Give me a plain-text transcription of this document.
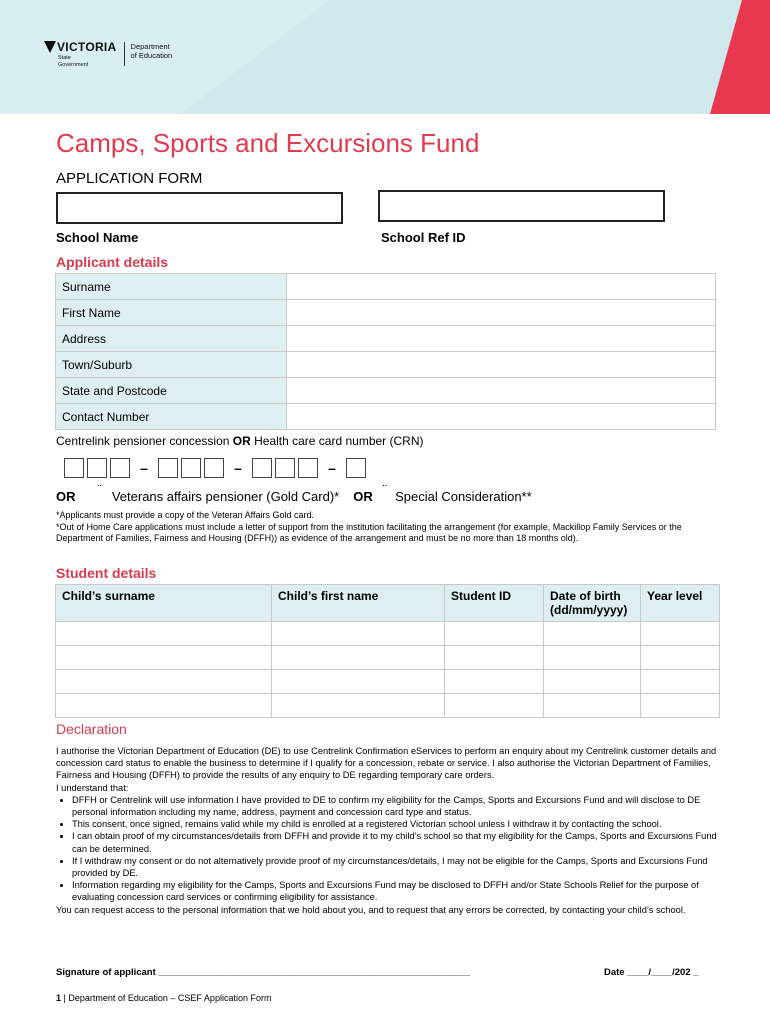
VICTORIA
State
Government
Department
of Education
Camps, Sports and Excursions Fund
APPLICATION FORM
School Name	School Ref ID
Applicant details
Surname	
First Name	
Address	
Town/Suburb	
State and Postcode	
Contact Number	
Centrelink pensioner concession OR Health care card number (CRN)
–	–	–
OR ¨ Veterans affairs pensioner (Gold Card)* OR ¨ Special Consideration**
*Applicants must provide a copy of the Veteran Affairs Gold card.
*Out of Home Care applications must include a letter of support from the institution facilitating the arrangement (for example, Mackillop Family Services or the Department of Families, Fairness and Housing (DFFH)) as evidence of the arrangement and must be no more than 18 months old).
Student details
Child’s surname	Child’s first name	Student ID	Date of birth (dd/mm/yyyy)	Year level

Declaration
I authorise the Victorian Department of Education (DE) to use Centrelink Confirmation eServices to perform an enquiry about my Centrelink customer details and concession card status to enable the business to determine if I qualify for a concession, rebate or service. I also authorise the Victorian Department of Families, Fairness and Housing (DFFH) to provide the results of any enquiry to DE regarding temporary care orders.
I understand that:
• DFFH or Centrelink will use information I have provided to DE to confirm my eligibility for the Camps, Sports and Excursions Fund and will disclose to DE personal information including my name, address, payment and concession card type and status.
• This consent, once signed, remains valid while my child is enrolled at a registered Victorian school unless I withdraw it by contacting the school.
• I can obtain proof of my circumstances/details from DFFH and provide it to my child’s school so that my eligibility for the Camps, Sports and Excursions Fund can be determined.
• If I withdraw my consent or do not alternatively provide proof of my circumstances/details, I may not be eligible for the Camps, Sports and Excursions Fund provided by DE.
• Information regarding my eligibility for the Camps, Sports and Excursions Fund may be disclosed to DFFH and/or State Schools Relief for the purpose of evaluating concession card services or confirming eligibility for assistance.
You can request access to the personal information that we hold about you, and to request that any errors be corrected, by contacting your child’s school.
Signature of applicant ___________________________________________________________	Date ____/____/202 _
1 | Department of Education – CSEF Application Form
